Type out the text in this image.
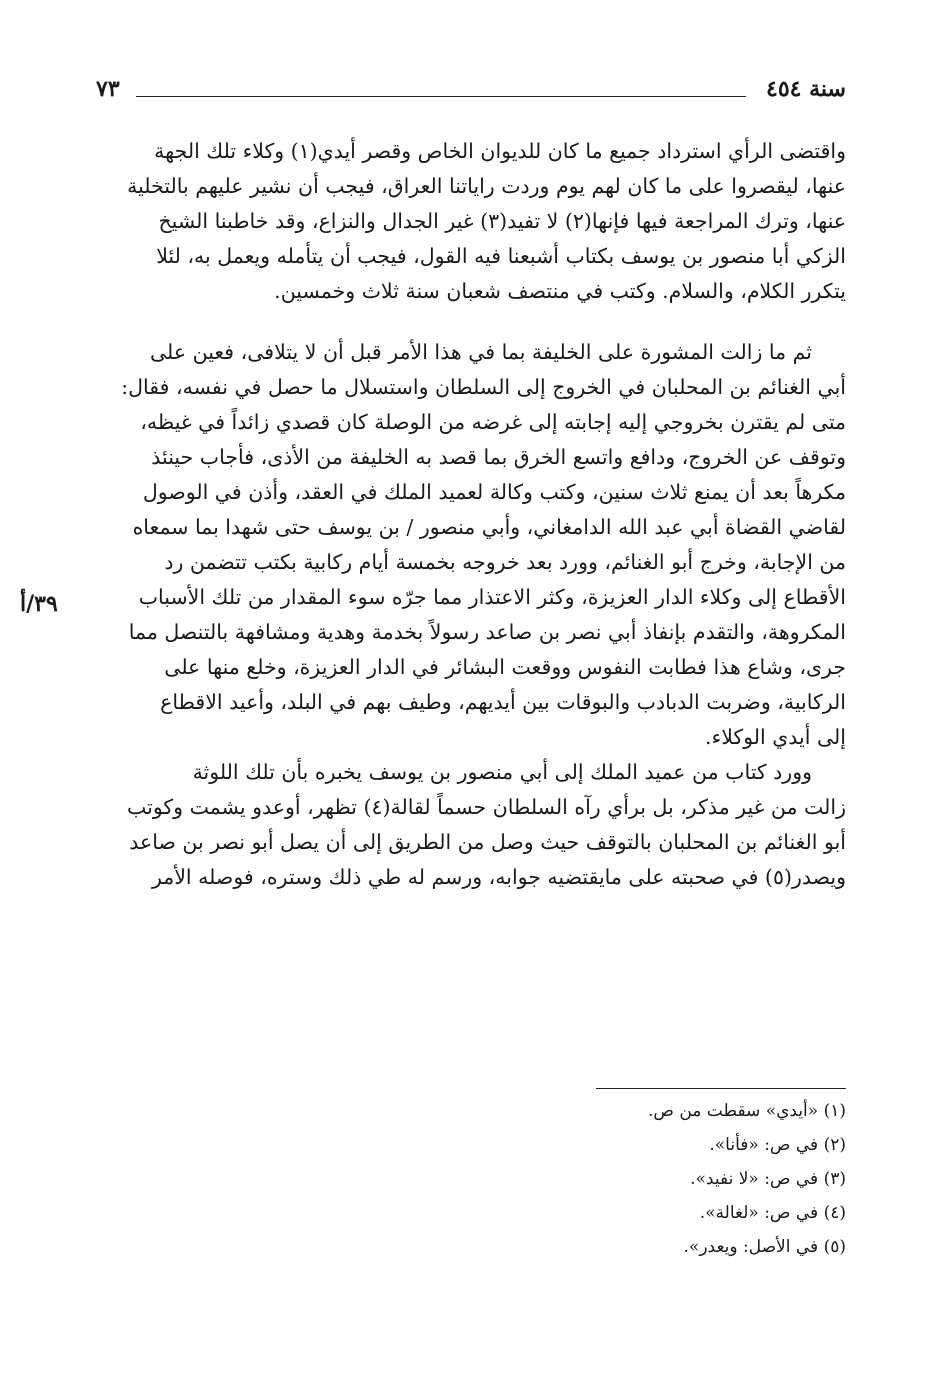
سنة ٤٥٤
٧٣
واقتضى الرأي استرداد جميع ما كان للديوان الخاص وقصر أيدي(١) وكلاء تلك الجهة
عنها، ليقصروا على ما كان لهم يوم وردت راياتنا العراق، فيجب أن نشير عليهم بالتخلية
عنها، وترك المراجعة فيها فإنها(٢) لا تفيد(٣) غير الجدال والنزاع، وقد خاطبنا الشيخ
الزكي أبا منصور بن يوسف بكتاب أشبعنا فيه القول، فيجب أن يتأمله ويعمل به، لئلا
يتكرر الكلام، والسلام. وكتب في منتصف شعبان سنة ثلاث وخمسين.
ثم ما زالت المشورة على الخليفة بما في هذا الأمر قبل أن لا يتلافى، فعين على
أبي الغنائم بن المحلبان في الخروج إلى السلطان واستسلال ما حصل في نفسه، فقال:
متى لم يقترن بخروجي إليه إجابته إلى غرضه من الوصلة كان قصدي زائداً في غيظه،
وتوقف عن الخروج، ودافع واتسع الخرق بما قصد به الخليفة من الأذى، فأجاب حينئذ
مكرهاً بعد أن يمنع ثلاث سنين، وكتب وكالة لعميد الملك في العقد، وأذن في الوصول
لقاضي القضاة أبي عبد الله الدامغاني، وأبي منصور / بن يوسف حتى شهدا بما سمعاه
من الإجابة، وخرج أبو الغنائم، وورد بعد خروجه بخمسة أيام ركابية بكتب تتضمن رد
الأقطاع إلى وكلاء الدار العزيزة، وكثر الاعتذار مما جرّه سوء المقدار من تلك الأسباب
المكروهة، والتقدم بإنفاذ أبي نصر بن صاعد رسولاً بخدمة وهدية ومشافهة بالتنصل مما
جرى، وشاع هذا فطابت النفوس ووقعت البشائر في الدار العزيزة، وخلع منها على
الركابية، وضربت الدبادب والبوقات بين أيديهم، وطيف بهم في البلد، وأعيد الاقطاع
إلى أيدي الوكلاء.
وورد كتاب من عميد الملك إلى أبي منصور بن يوسف يخبره بأن تلك اللوثة
زالت من غير مذكر، بل برأي رآه السلطان حسماً لقالة(٤) تظهر، أوعدو يشمت وكوتب
أبو الغنائم بن المحلبان بالتوقف حيث وصل من الطريق إلى أن يصل أبو نصر بن صاعد
ويصدر(٥) في صحبته على مايقتضيه جوابه، ورسم له طي ذلك وستره، فوصله الأمر
٣٩/أ
(١) «أيدي» سقطت من ص.
(٢) في ص: «فأنا».
(٣) في ص: «لا نفيد».
(٤) في ص: «لغالة».
(٥) في الأصل: ويعدر».
